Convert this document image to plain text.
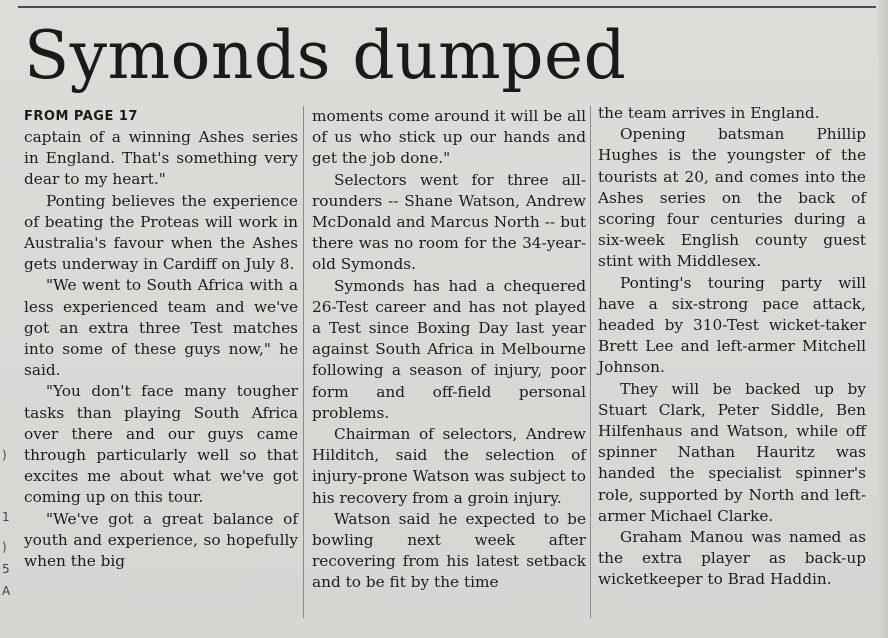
)
1
)
5
A
Symonds dumped
FROM PAGE 17

captain of a winning Ashes series in England. That's something very dear to my heart."

Ponting believes the experience of beating the Proteas will work in Australia's favour when the Ashes gets underway in Cardiff on July 8.

"We went to South Africa with a less experienced team and we've got an extra three Test matches into some of these guys now," he said.

"You don't face many tougher tasks than playing South Africa over there and our guys came through particularly well so that excites me about what we've got coming up on this tour.

"We've got a great balance of youth and experience, so hopefully when the big

moments come around it will be all of us who stick up our hands and get the job done."

Selectors went for three all-rounders -- Shane Watson, Andrew McDonald and Marcus North -- but there was no room for the 34-year-old Symonds.

Symonds has had a chequered 26-Test career and has not played a Test since Boxing Day last year against South Africa in Melbourne following a season of injury, poor form and off-field personal problems.

Chairman of selectors, Andrew Hilditch, said the selection of injury-prone Watson was subject to his recovery from a groin injury.

Watson said he expected to be bowling next week after recovering from his latest setback and to be fit by the time

the team arrives in England.

Opening batsman Phillip Hughes is the youngster of the tourists at 20, and comes into the Ashes series on the back of scoring four centuries during a six-week English county guest stint with Middlesex.

Ponting's touring party will have a six-strong pace attack, headed by 310-Test wicket-taker Brett Lee and left-armer Mitchell Johnson.

They will be backed up by Stuart Clark, Peter Siddle, Ben Hilfenhaus and Watson, while off spinner Nathan Hauritz was handed the specialist spinner's role, supported by North and left-armer Michael Clarke.

Graham Manou was named as the extra player as back-up wicketkeeper to Brad Haddin.
